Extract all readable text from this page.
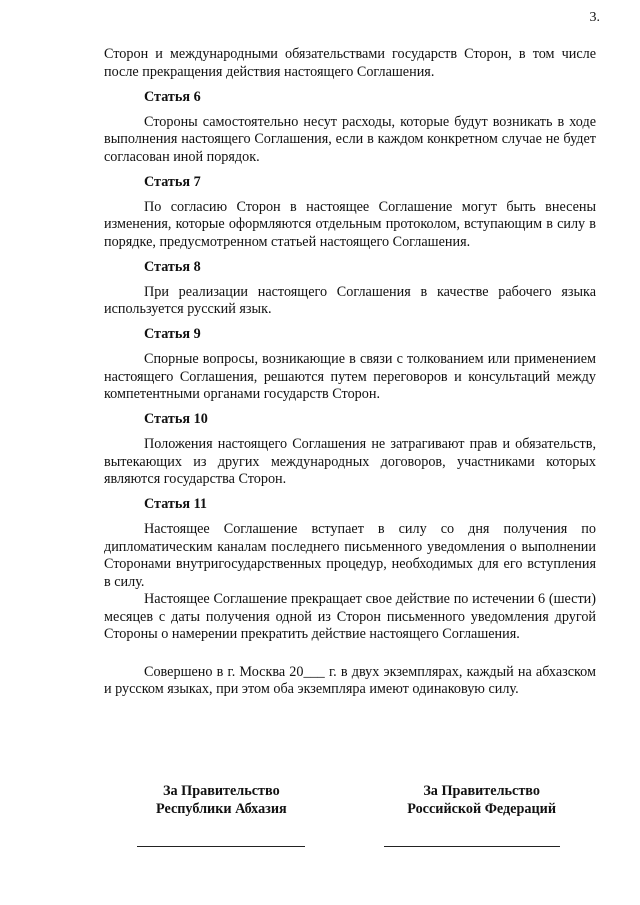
3.

Сторон и международными обязательствами государств Сторон, в том числе после прекращения действия настоящего Соглашения.

Статья 6

Стороны самостоятельно несут расходы, которые будут возникать в ходе выполнения настоящего Соглашения, если в каждом конкретном случае не будет согласован иной порядок.

Статья 7

По согласию Сторон в настоящее Соглашение могут быть внесены изменения, которые оформляются отдельным протоколом, вступающим в силу в порядке, предусмотренном статьей настоящего Соглашения.

Статья 8

При реализации настоящего Соглашения в качестве рабочего языка используется русский язык.

Статья 9

Спорные вопросы, возникающие в связи с толкованием или применением настоящего Соглашения, решаются путем переговоров и консультаций между компетентными органами государств Сторон.

Статья 10

Положения настоящего Соглашения не затрагивают прав и обязательств, вытекающих из других международных договоров, участниками которых являются государства Сторон.

Статья 11

Настоящее Соглашение вступает в силу со дня получения по дипломатическим каналам последнего письменного уведомления о выполнении Сторонами внутригосударственных процедур, необходимых для его вступления в силу.

Настоящее Соглашение прекращает свое действие по истечении 6 (шести) месяцев с даты получения одной из Сторон письменного уведомления другой Стороны о намерении прекратить действие настоящего Соглашения.

Совершено в г. Москва 20___ г. в двух экземплярах, каждый на абхазском и русском языках, при этом оба экземпляра имеют одинаковую силу.

За Правительство
Республики Абхазия
За Правительство
Российской Федераций
